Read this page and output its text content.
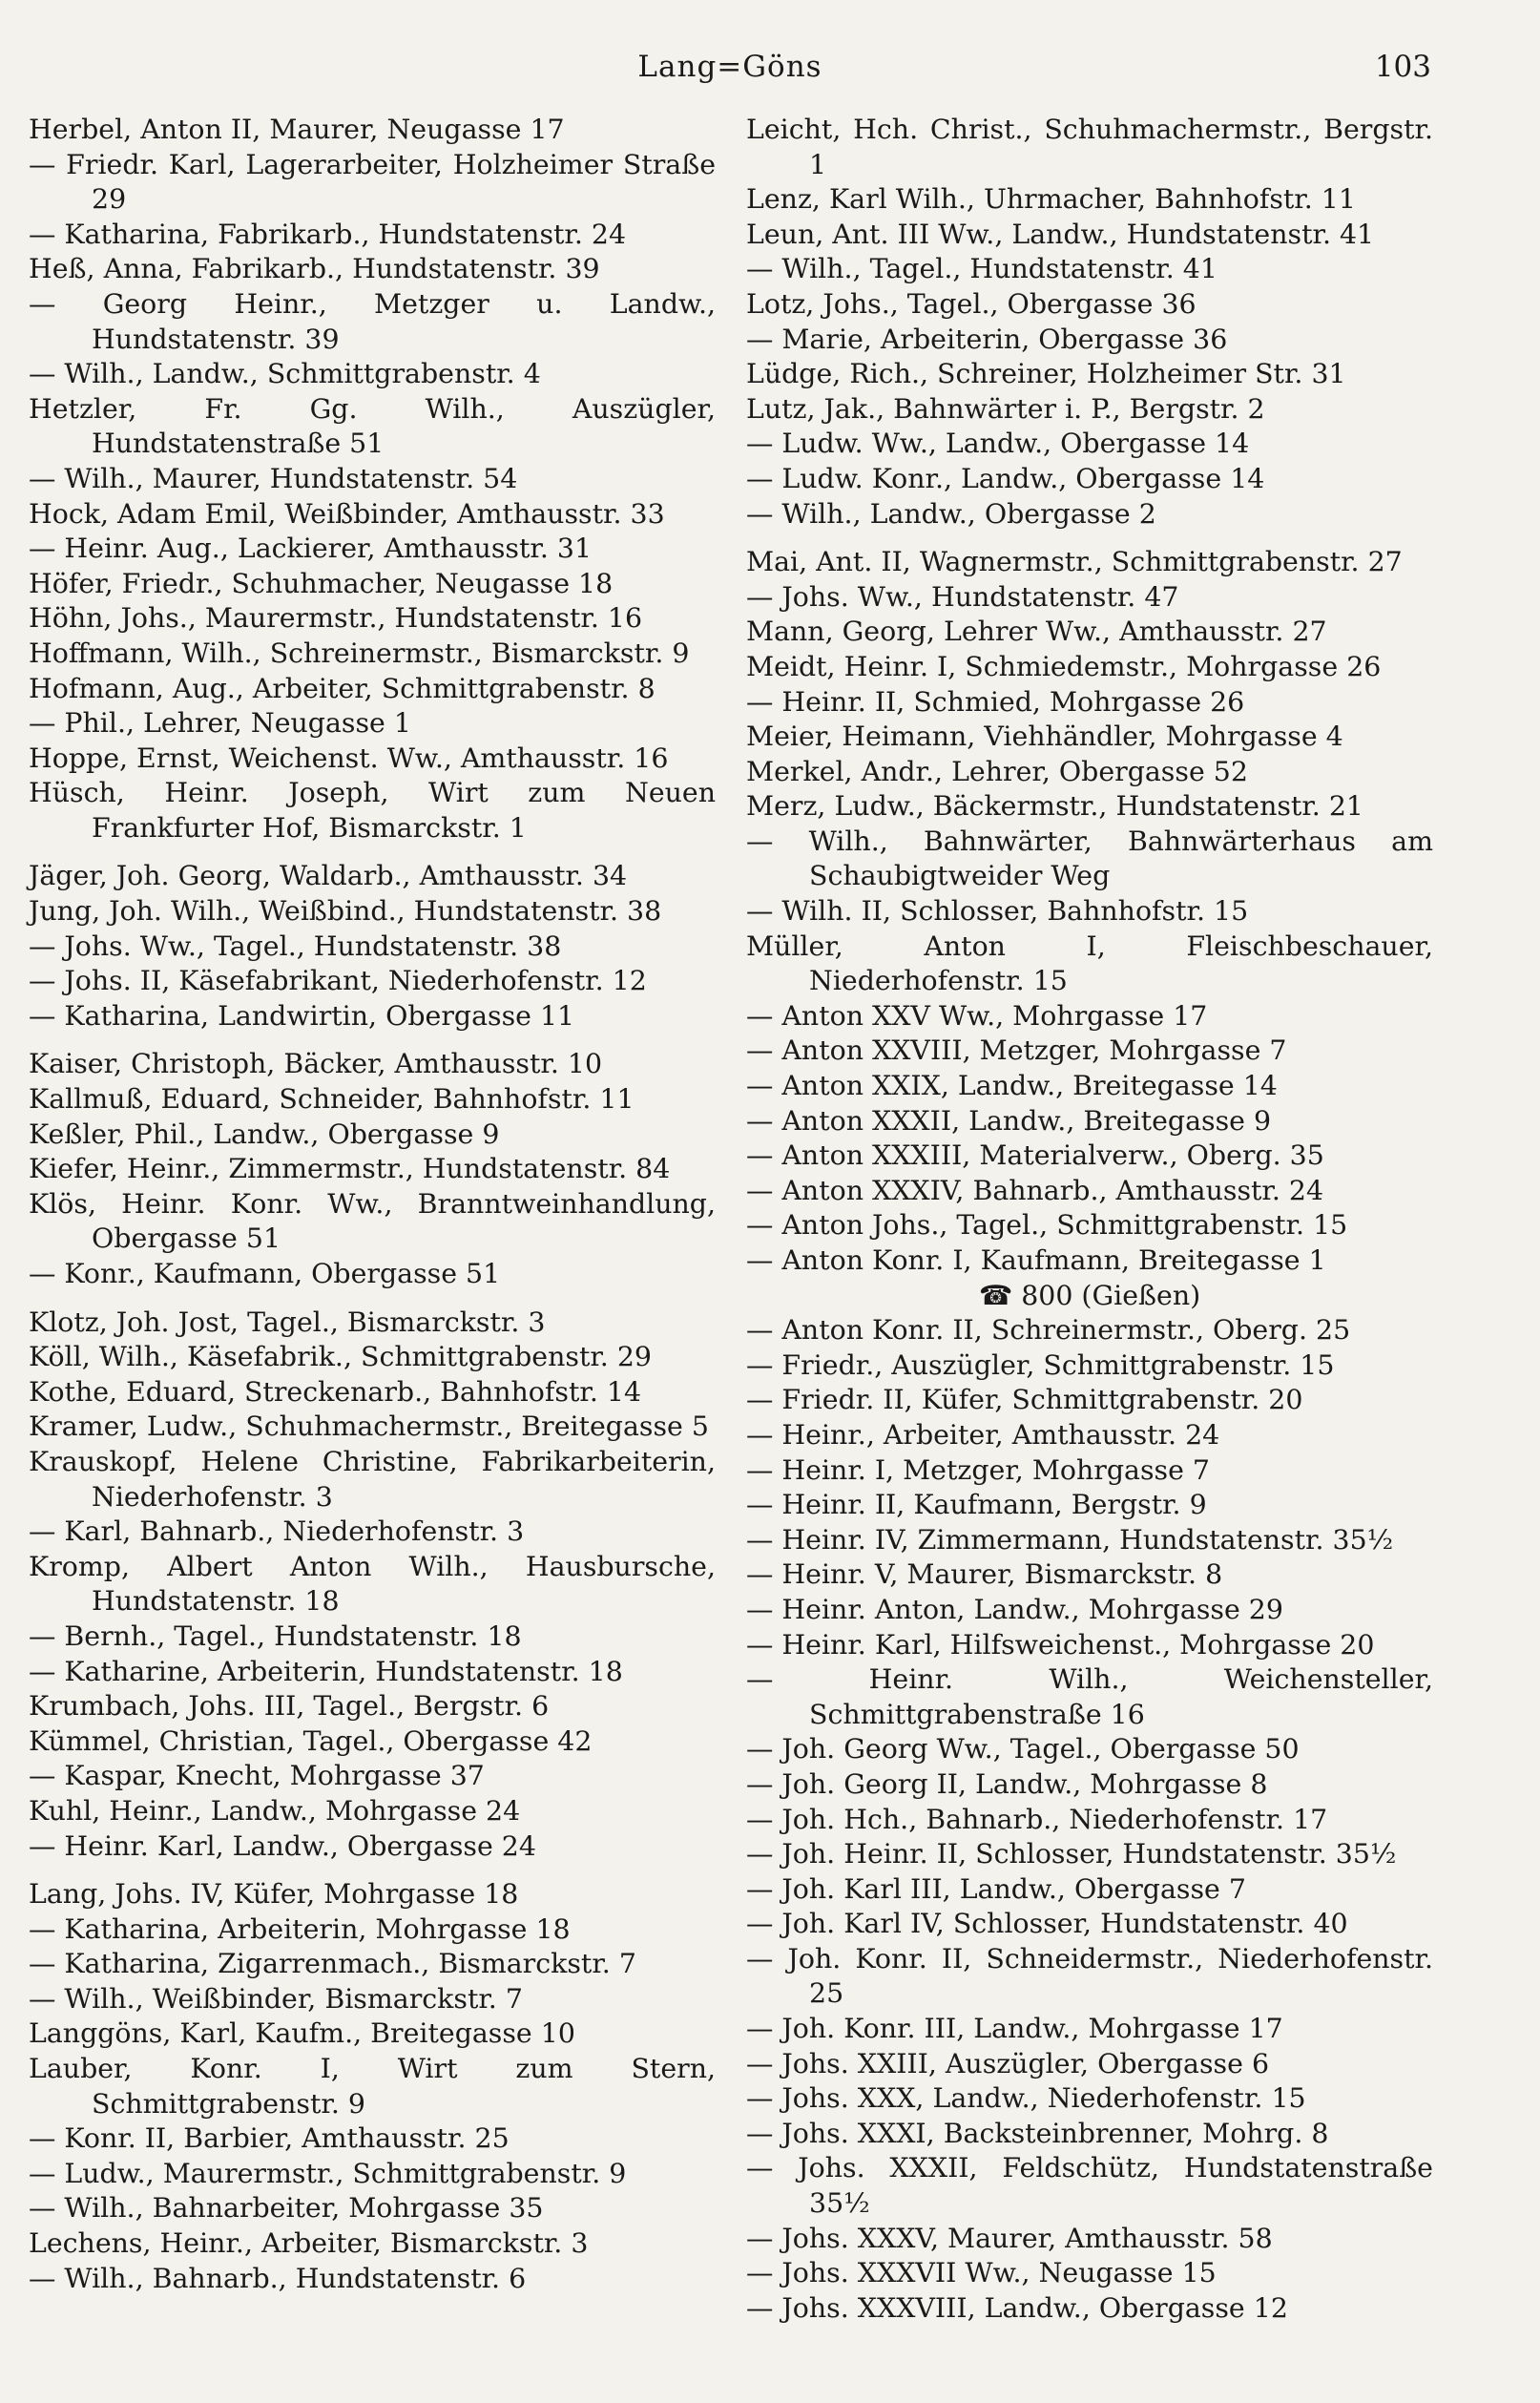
Lang=Göns	103

Herbel, Anton II, Maurer, Neugasse 17

— Friedr. Karl, Lagerarbeiter, Holzheimer Straße 29

— Katharina, Fabrikarb., Hundstatenstr. 24

Heß, Anna, Fabrikarb., Hundstatenstr. 39

— Georg Heinr., Metzger u. Landw., Hundstatenstr. 39

— Wilh., Landw., Schmittgrabenstr. 4

Hetzler, Fr. Gg. Wilh., Auszügler, Hundstatenstraße 51

— Wilh., Maurer, Hundstatenstr. 54

Hock, Adam Emil, Weißbinder, Amthausstr. 33

— Heinr. Aug., Lackierer, Amthausstr. 31

Höfer, Friedr., Schuhmacher, Neugasse 18

Höhn, Johs., Maurermstr., Hundstatenstr. 16

Hoffmann, Wilh., Schreinermstr., Bismarckstr. 9

Hofmann, Aug., Arbeiter, Schmittgrabenstr. 8

— Phil., Lehrer, Neugasse 1

Hoppe, Ernst, Weichenst. Ww., Amthausstr. 16

Hüsch, Heinr. Joseph, Wirt zum Neuen Frankfurter Hof, Bismarckstr. 1

Jäger, Joh. Georg, Waldarb., Amthausstr. 34

Jung, Joh. Wilh., Weißbind., Hundstatenstr. 38

— Johs. Ww., Tagel., Hundstatenstr. 38

— Johs. II, Käsefabrikant, Niederhofenstr. 12

— Katharina, Landwirtin, Obergasse 11

Kaiser, Christoph, Bäcker, Amthausstr. 10

Kallmuß, Eduard, Schneider, Bahnhofstr. 11

Keßler, Phil., Landw., Obergasse 9

Kiefer, Heinr., Zimmermstr., Hundstatenstr. 84

Klös, Heinr. Konr. Ww., Branntweinhandlung, Obergasse 51

— Konr., Kaufmann, Obergasse 51

Klotz, Joh. Jost, Tagel., Bismarckstr. 3

Köll, Wilh., Käsefabrik., Schmittgrabenstr. 29

Kothe, Eduard, Streckenarb., Bahnhofstr. 14

Kramer, Ludw., Schuhmachermstr., Breitegasse 5

Krauskopf, Helene Christine, Fabrikarbeiterin, Niederhofenstr. 3

— Karl, Bahnarb., Niederhofenstr. 3

Kromp, Albert Anton Wilh., Hausbursche, Hundstatenstr. 18

— Bernh., Tagel., Hundstatenstr. 18

— Katharine, Arbeiterin, Hundstatenstr. 18

Krumbach, Johs. III, Tagel., Bergstr. 6

Kümmel, Christian, Tagel., Obergasse 42

— Kaspar, Knecht, Mohrgasse 37

Kuhl, Heinr., Landw., Mohrgasse 24

— Heinr. Karl, Landw., Obergasse 24

Lang, Johs. IV, Küfer, Mohrgasse 18

— Katharina, Arbeiterin, Mohrgasse 18

— Katharina, Zigarrenmach., Bismarckstr. 7

— Wilh., Weißbinder, Bismarckstr. 7

Langgöns, Karl, Kaufm., Breitegasse 10

Lauber, Konr. I, Wirt zum Stern, Schmittgrabenstr. 9

— Konr. II, Barbier, Amthausstr. 25

— Ludw., Maurermstr., Schmittgrabenstr. 9

— Wilh., Bahnarbeiter, Mohrgasse 35

Lechens, Heinr., Arbeiter, Bismarckstr. 3

— Wilh., Bahnarb., Hundstatenstr. 6

Leicht, Hch. Christ., Schuhmachermstr., Bergstr. 1

Lenz, Karl Wilh., Uhrmacher, Bahnhofstr. 11

Leun, Ant. III Ww., Landw., Hundstatenstr. 41

— Wilh., Tagel., Hundstatenstr. 41

Lotz, Johs., Tagel., Obergasse 36

— Marie, Arbeiterin, Obergasse 36

Lüdge, Rich., Schreiner, Holzheimer Str. 31

Lutz, Jak., Bahnwärter i. P., Bergstr. 2

— Ludw. Ww., Landw., Obergasse 14

— Ludw. Konr., Landw., Obergasse 14

— Wilh., Landw., Obergasse 2

Mai, Ant. II, Wagnermstr., Schmittgrabenstr. 27

— Johs. Ww., Hundstatenstr. 47

Mann, Georg, Lehrer Ww., Amthausstr. 27

Meidt, Heinr. I, Schmiedemstr., Mohrgasse 26

— Heinr. II, Schmied, Mohrgasse 26

Meier, Heimann, Viehhändler, Mohrgasse 4

Merkel, Andr., Lehrer, Obergasse 52

Merz, Ludw., Bäckermstr., Hundstatenstr. 21

— Wilh., Bahnwärter, Bahnwärterhaus am Schaubigtweider Weg

— Wilh. II, Schlosser, Bahnhofstr. 15

Müller, Anton I, Fleischbeschauer, Niederhofenstr. 15

— Anton XXV Ww., Mohrgasse 17

— Anton XXVIII, Metzger, Mohrgasse 7

— Anton XXIX, Landw., Breitegasse 14

— Anton XXXII, Landw., Breitegasse 9

— Anton XXXIII, Materialverw., Oberg. 35

— Anton XXXIV, Bahnarb., Amthausstr. 24

— Anton Johs., Tagel., Schmittgrabenstr. 15

— Anton Konr. I, Kaufmann, Breitegasse 1

☎ 800 (Gießen)

— Anton Konr. II, Schreinermstr., Oberg. 25

— Friedr., Auszügler, Schmittgrabenstr. 15

— Friedr. II, Küfer, Schmittgrabenstr. 20

— Heinr., Arbeiter, Amthausstr. 24

— Heinr. I, Metzger, Mohrgasse 7

— Heinr. II, Kaufmann, Bergstr. 9

— Heinr. IV, Zimmermann, Hundstatenstr. 35½

— Heinr. V, Maurer, Bismarckstr. 8

— Heinr. Anton, Landw., Mohrgasse 29

— Heinr. Karl, Hilfsweichenst., Mohrgasse 20

— Heinr. Wilh., Weichensteller, Schmittgrabenstraße 16

— Joh. Georg Ww., Tagel., Obergasse 50

— Joh. Georg II, Landw., Mohrgasse 8

— Joh. Hch., Bahnarb., Niederhofenstr. 17

— Joh. Heinr. II, Schlosser, Hundstatenstr. 35½

— Joh. Karl III, Landw., Obergasse 7

— Joh. Karl IV, Schlosser, Hundstatenstr. 40

— Joh. Konr. II, Schneidermstr., Niederhofenstr. 25

— Joh. Konr. III, Landw., Mohrgasse 17

— Johs. XXIII, Auszügler, Obergasse 6

— Johs. XXX, Landw., Niederhofenstr. 15

— Johs. XXXI, Backsteinbrenner, Mohrg. 8

— Johs. XXXII, Feldschütz, Hundstatenstraße 35½

— Johs. XXXV, Maurer, Amthausstr. 58

— Johs. XXXVII Ww., Neugasse 15

— Johs. XXXVIII, Landw., Obergasse 12
